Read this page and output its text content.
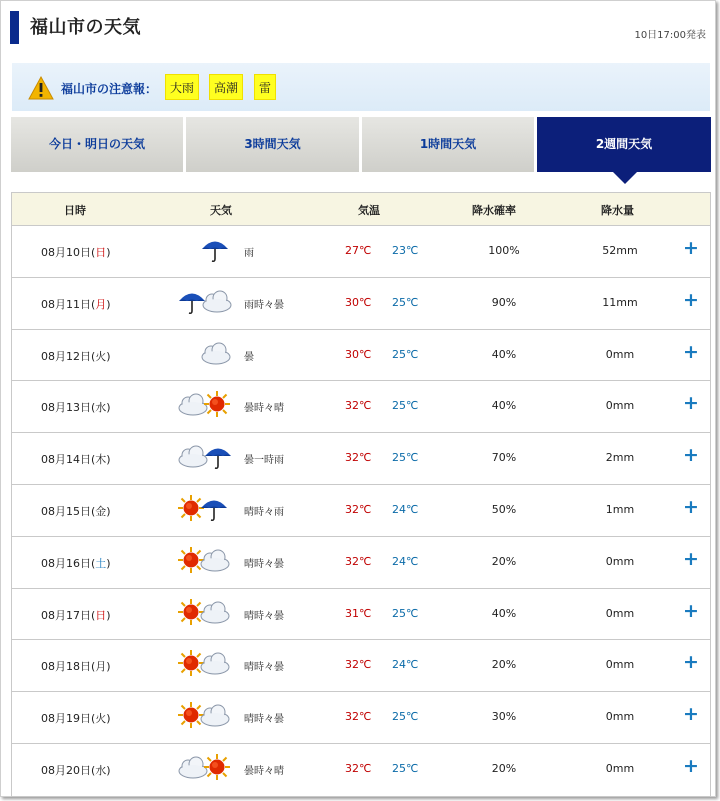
福山市の天気	10日17:00発表
福山市の注意報：	大雨	高潮	雷
今日・明日の天気	3時間天気	1時間天気	2週間天気
日時	天気	気温	降水確率	降水量
08月10日(日)	雨	27℃ 23℃	100%	52mm	+
08月11日(月)	雨時々曇	30℃ 25℃	90%	11mm	+
08月12日(火)	曇	30℃ 25℃	40%	0mm	+
08月13日(水)	曇時々晴	32℃ 25℃	40%	0mm	+
08月14日(木)	曇一時雨	32℃ 25℃	70%	2mm	+
08月15日(金)	晴時々雨	32℃ 24℃	50%	1mm	+
08月16日(土)	晴時々曇	32℃ 24℃	20%	0mm	+
08月17日(日)	晴時々曇	31℃ 25℃	40%	0mm	+
08月18日(月)	晴時々曇	32℃ 24℃	20%	0mm	+
08月19日(火)	晴時々曇	32℃ 25℃	30%	0mm	+
08月20日(水)	曇時々晴	32℃ 25℃	20%	0mm	+
